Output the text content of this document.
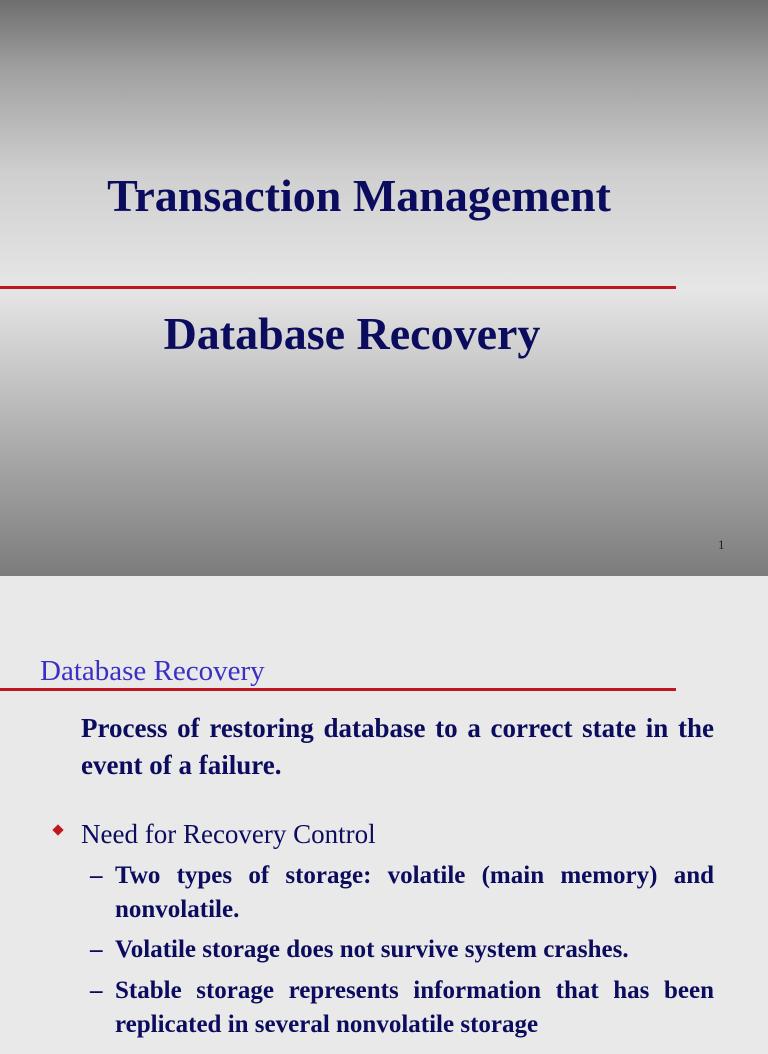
Transaction Management
Database Recovery
1
Database Recovery
Process of restoring database to a correct state in the event of a failure.
Need for Recovery Control
– Two types of storage: volatile (main memory) and nonvolatile.
– Volatile storage does not survive system crashes.
– Stable storage represents information that has been replicated in several nonvolatile storage
